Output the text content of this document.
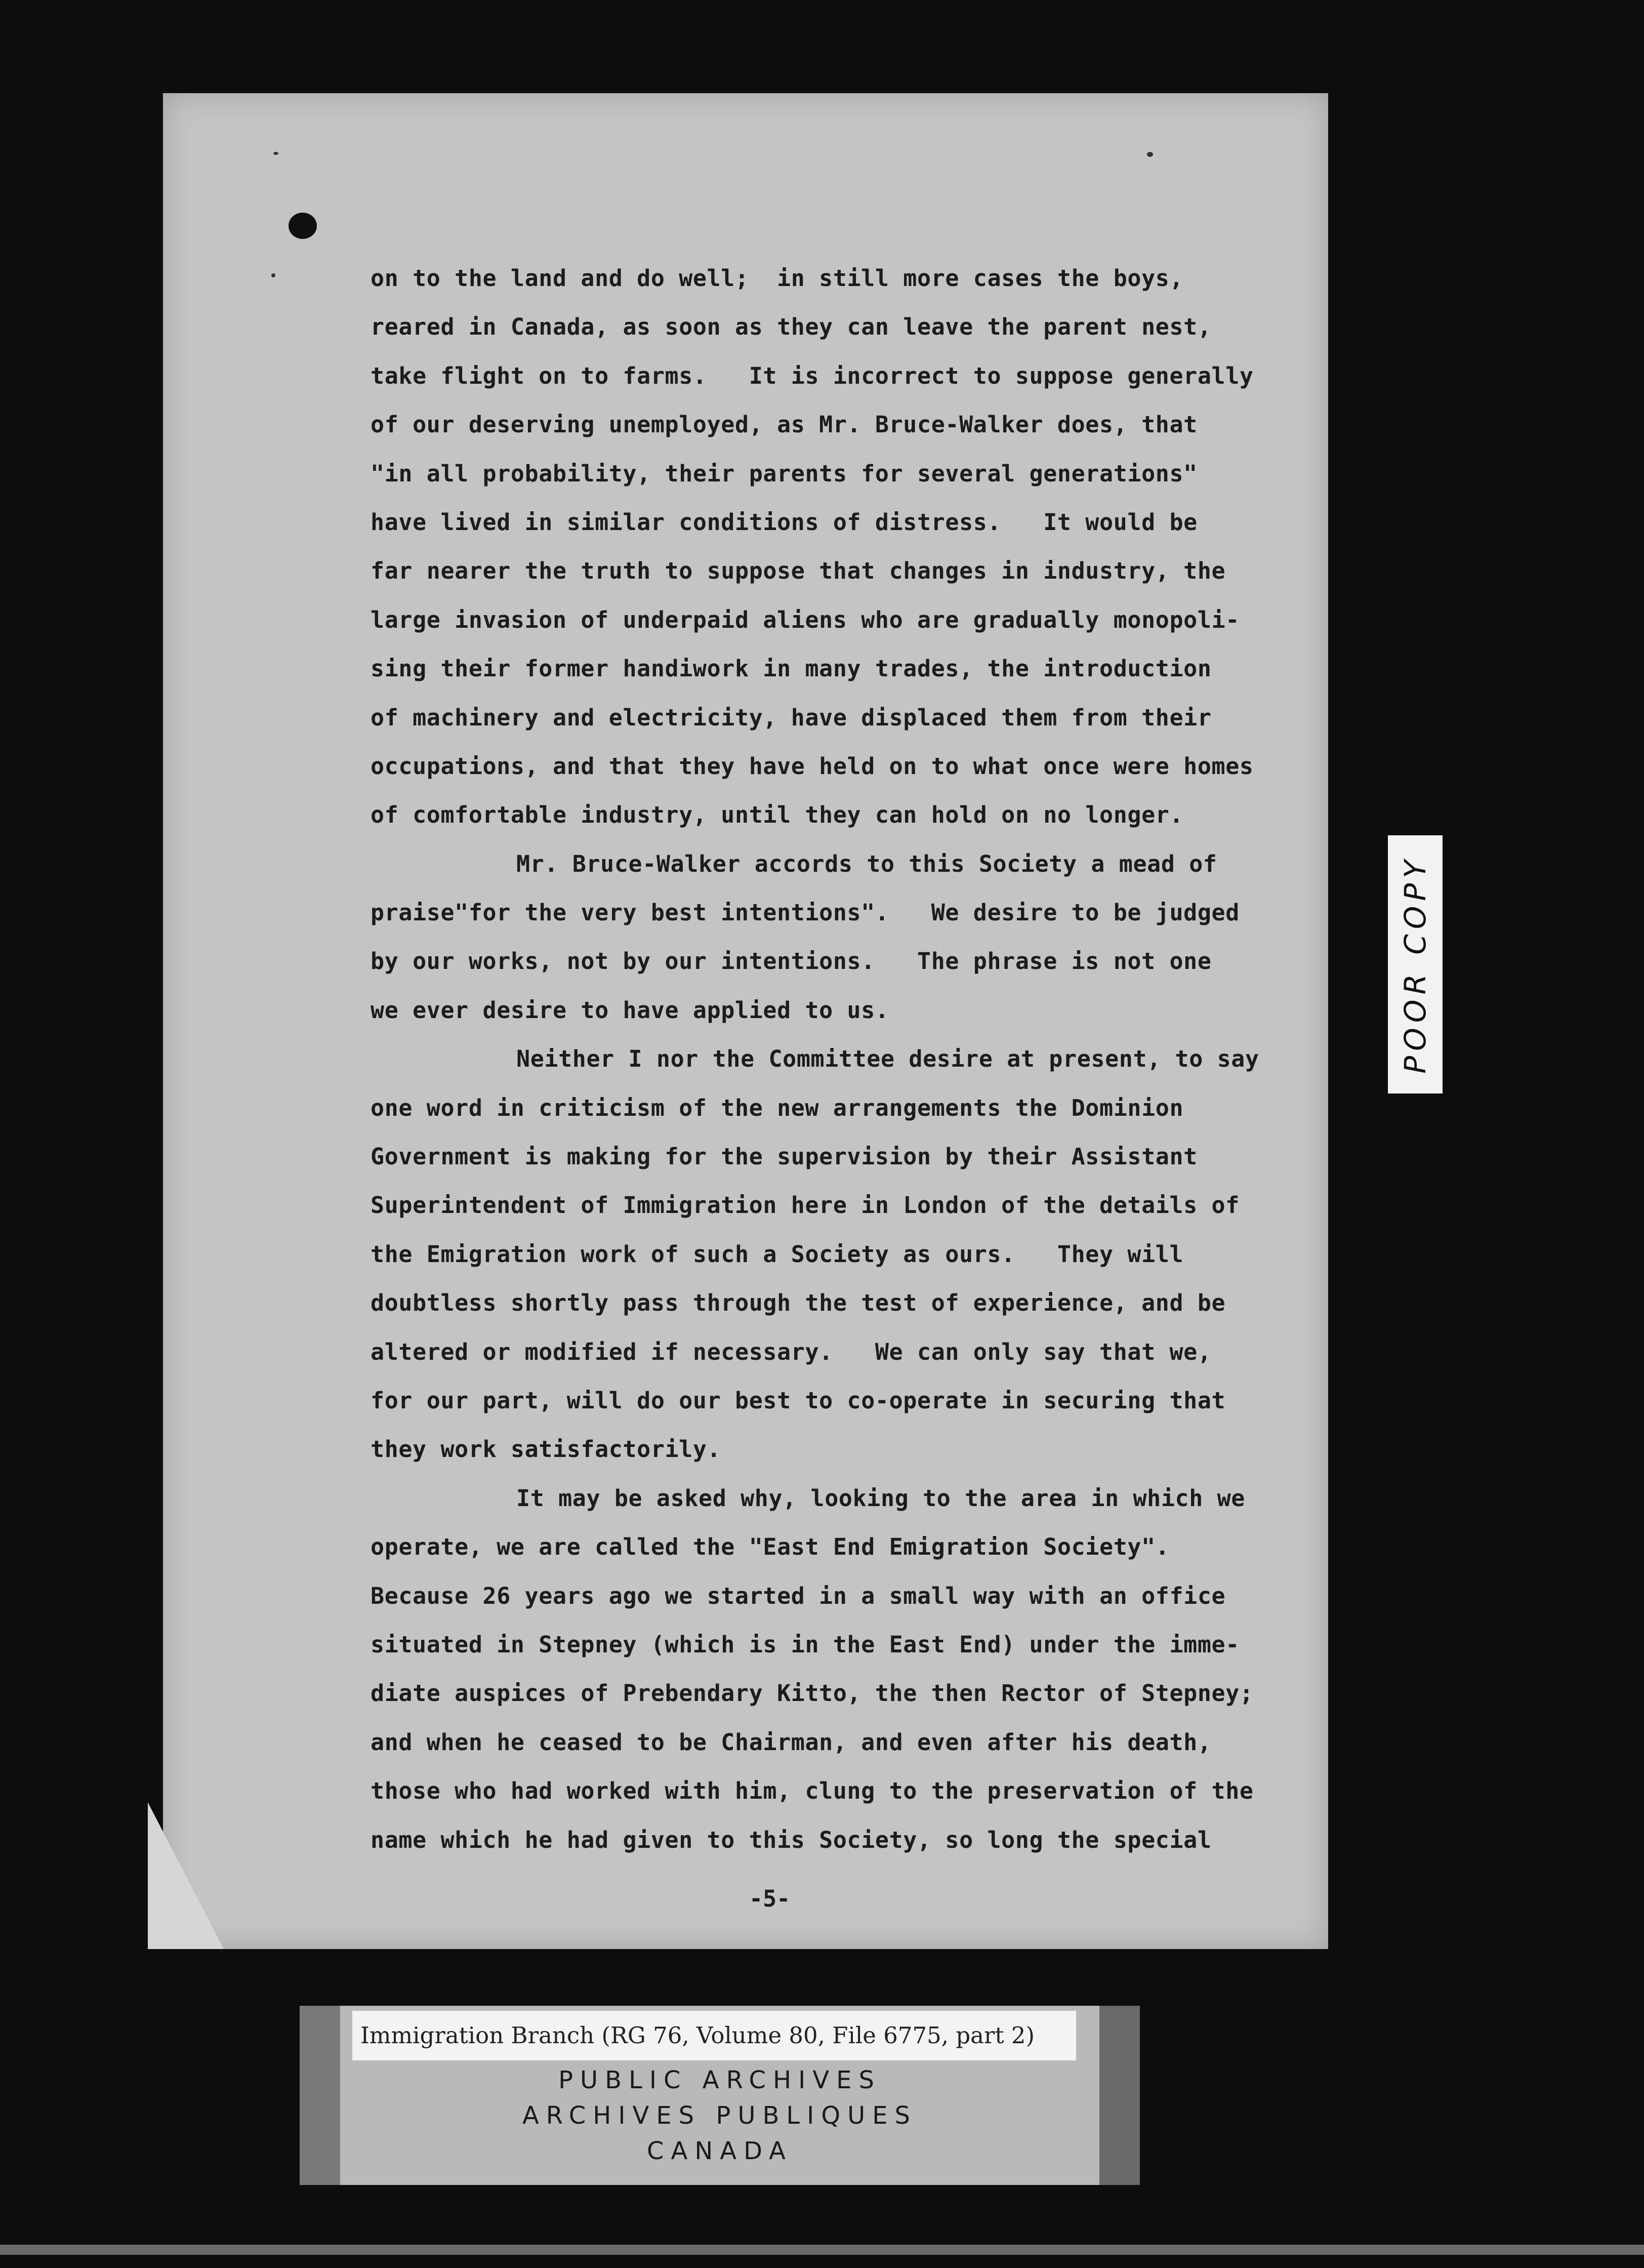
on to the land and do well;  in still more cases the boys,
reared in Canada, as soon as they can leave the parent nest,
take flight on to farms.   It is incorrect to suppose generally
of our deserving unemployed, as Mr. Bruce-Walker does, that
"in all probability, their parents for several generations"
have lived in similar conditions of distress.   It would be
far nearer the truth to suppose that changes in industry, the
large invasion of underpaid aliens who are gradually monopoli-
sing their former handiwork in many trades, the introduction
of machinery and electricity, have displaced them from their
occupations, and that they have held on to what once were homes
of comfortable industry, until they can hold on no longer.
Mr. Bruce-Walker accords to this Society a mead of
praise"for the very best intentions".   We desire to be judged
by our works, not by our intentions.   The phrase is not one
we ever desire to have applied to us.
Neither I nor the Committee desire at present, to say
one word in criticism of the new arrangements the Dominion
Government is making for the supervision by their Assistant
Superintendent of Immigration here in London of the details of
the Emigration work of such a Society as ours.   They will
doubtless shortly pass through the test of experience, and be
altered or modified if necessary.   We can only say that we,
for our part, will do our best to co-operate in securing that
they work satisfactorily.
It may be asked why, looking to the area in which we
operate, we are called the "East End Emigration Society".
Because 26 years ago we started in a small way with an office
situated in Stepney (which is in the East End) under the imme-
diate auspices of Prebendary Kitto, the then Rector of Stepney;
and when he ceased to be Chairman, and even after his death,
those who had worked with him, clung to the preservation of the
name which he had given to this Society, so long the special
-5-
POOR COPY
Immigration Branch (RG 76, Volume 80, File 6775, part 2)
PUBLIC ARCHIVES
ARCHIVES PUBLIQUES
CANADA
